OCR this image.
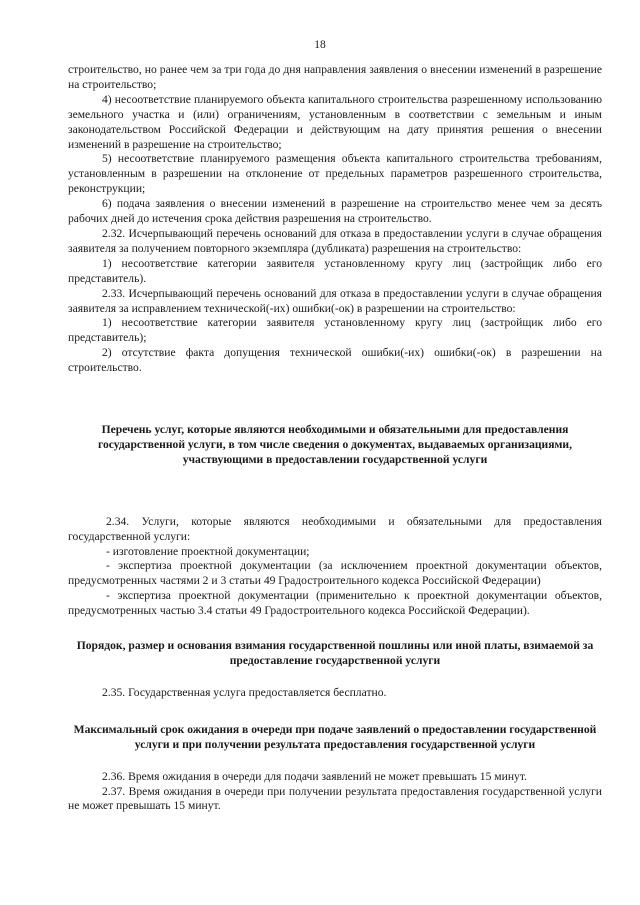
18

строительство, но ранее чем за три года до дня направления заявления о внесении изменений в разрешение на строительство;

4) несоответствие планируемого объекта капитального строительства разрешенному использованию земельного участка и (или) ограничениям, установленным в соответствии с земельным и иным законодательством Российской Федерации и действующим на дату принятия решения о внесении изменений в разрешение на строительство;

5) несоответствие планируемого размещения объекта капитального строительства требованиям, установленным в разрешении на отклонение от предельных параметров разрешенного строительства, реконструкции;

6) подача заявления о внесении изменений в разрешение на строительство менее чем за десять рабочих дней до истечения срока действия разрешения на строительство.

2.32. Исчерпывающий перечень оснований для отказа в предоставлении услуги в случае обращения заявителя за получением повторного экземпляра (дубликата) разрешения на строительство:

1) несоответствие категории заявителя установленному кругу лиц (застройщик либо его представитель).

2.33. Исчерпывающий перечень оснований для отказа в предоставлении услуги в случае обращения заявителя за исправлением технической(-их) ошибки(-ок) в разрешении на строительство:

1) несоответствие категории заявителя установленному кругу лиц (застройщик либо его представитель);

2) отсутствие факта допущения технической ошибки(-их) ошибки(-ок) в разрешении на строительство.

Перечень услуг, которые являются необходимыми и обязательными для предоставления государственной услуги, в том числе сведения о документах, выдаваемых организациями, участвующими в предоставлении государственной услуги

2.34. Услуги, которые являются необходимыми и обязательными для предоставления государственной услуги:

- изготовление проектной документации;

- экспертиза проектной документации (за исключением проектной документации объектов, предусмотренных частями 2 и 3 статьи 49 Градостроительного кодекса Российской Федерации)

- экспертиза проектной документации (применительно к проектной документации объектов, предусмотренных частью 3.4 статьи 49 Градостроительного кодекса Российской Федерации).

Порядок, размер и основания взимания государственной пошлины или иной платы, взимаемой за предоставление государственной услуги

2.35. Государственная услуга предоставляется бесплатно.

Максимальный срок ожидания в очереди при подаче заявлений о предоставлении государственной услуги и при получении результата предоставления государственной услуги

2.36. Время ожидания в очереди для подачи заявлений не может превышать 15 минут.

2.37. Время ожидания в очереди при получении результата предоставления государственной услуги не может превышать 15 минут.
